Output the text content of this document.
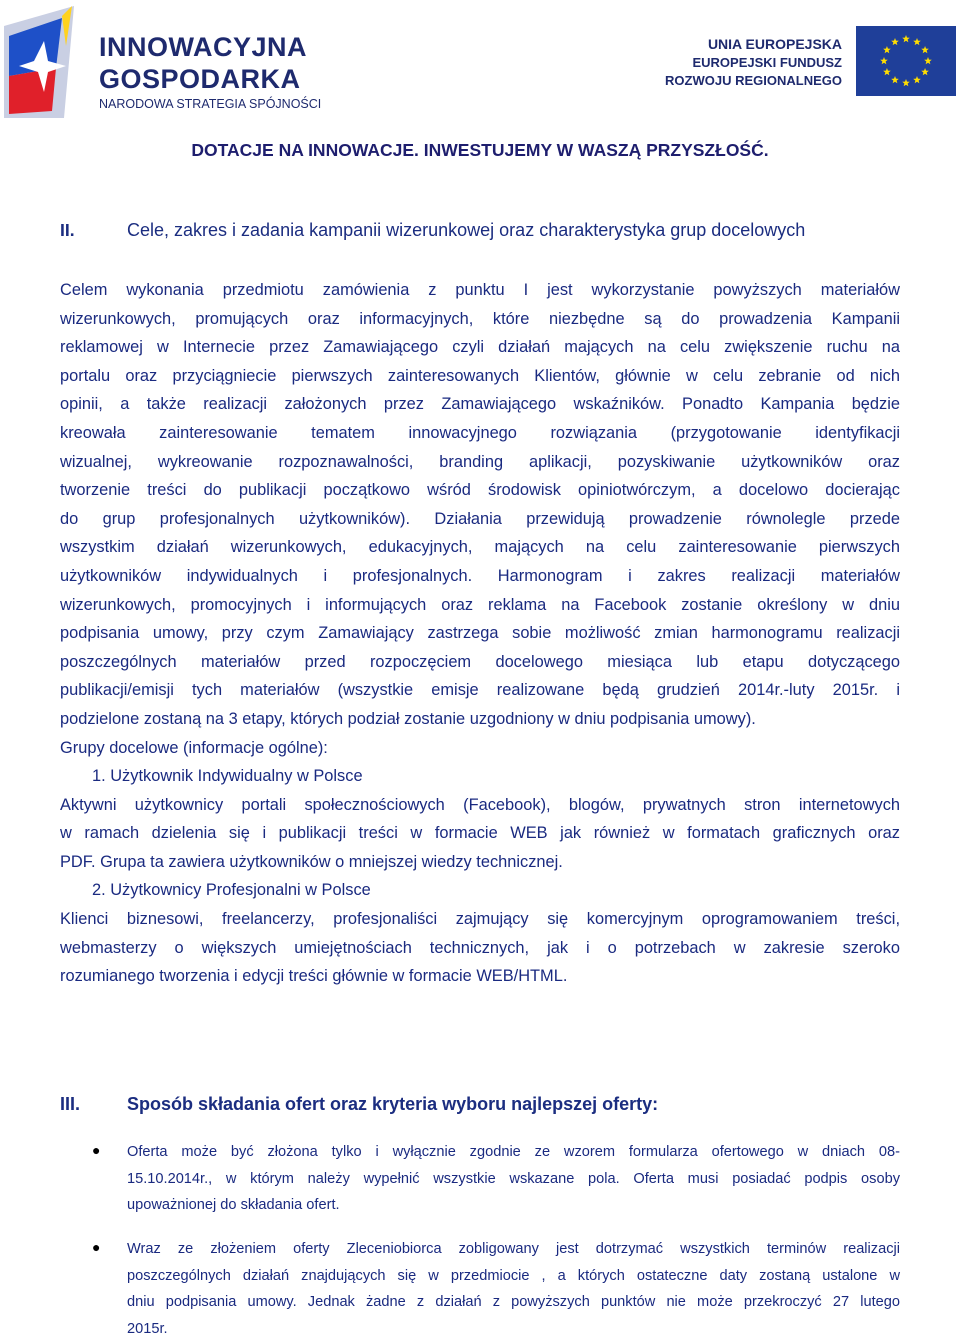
INNOWACYJNA
GOSPODARKA
NARODOWA STRATEGIA SPÓJNOŚCI
UNIA EUROPEJSKA
EUROPEJSKI FUNDUSZ
ROZWOJU REGIONALNEGO
DOTACJE NA INNOWACJE. INWESTUJEMY W WASZĄ PRZYSZŁOŚĆ.
II.	Cele, zakres i zadania kampanii wizerunkowej oraz charakterystyka grup docelowych
Celem wykonania przedmiotu zamówienia z punktu I jest wykorzystanie powyższych materiałów
wizerunkowych, promujących oraz informacyjnych, które niezbędne są do prowadzenia Kampanii
reklamowej w Internecie przez Zamawiającego czyli działań mających na celu zwiększenie ruchu na
portalu oraz przyciągniecie pierwszych zainteresowanych Klientów, głównie w celu zebranie od nich
opinii, a także realizacji założonych przez Zamawiającego wskaźników. Ponadto Kampania będzie
kreowała zainteresowanie tematem innowacyjnego rozwiązania (przygotowanie identyfikacji
wizualnej, wykreowanie rozpoznawalności, branding aplikacji, pozyskiwanie użytkowników oraz
tworzenie treści do publikacji początkowo wśród środowisk opiniotwórczym, a docelowo docierając
do grup profesjonalnych użytkowników). Działania przewidują prowadzenie równolegle przede
wszystkim działań wizerunkowych, edukacyjnych, mających na celu zainteresowanie pierwszych
użytkowników indywidualnych i profesjonalnych. Harmonogram i zakres realizacji materiałów
wizerunkowych, promocyjnych i informujących oraz reklama na Facebook zostanie określony w dniu
podpisania umowy, przy czym Zamawiający zastrzega sobie możliwość zmian harmonogramu realizacji
poszczególnych materiałów przed rozpoczęciem docelowego miesiąca lub etapu dotyczącego
publikacji/emisji tych materiałów (wszystkie emisje realizowane będą grudzień 2014r.-luty 2015r. i
podzielone zostaną na 3 etapy, których podział zostanie uzgodniony w dniu podpisania umowy).
Grupy docelowe (informacje ogólne):
1. Użytkownik Indywidualny w Polsce
Aktywni użytkownicy portali społecznościowych (Facebook), blogów, prywatnych stron internetowych
w ramach dzielenia się i publikacji treści w formacie WEB jak również w formatach graficznych oraz
PDF. Grupa ta zawiera użytkowników o mniejszej wiedzy technicznej.
2. Użytkownicy Profesjonalni w Polsce
Klienci biznesowi, freelancerzy, profesjonaliści zajmujący się komercyjnym oprogramowaniem treści,
webmasterzy o większych umiejętnościach technicznych, jak i o potrzebach w zakresie szeroko
rozumianego tworzenia i edycji treści głównie w formacie WEB/HTML.
III.	Sposób składania ofert oraz kryteria wyboru najlepszej oferty:
● Oferta może być złożona tylko i wyłącznie zgodnie ze wzorem formularza ofertowego w dniach 08-
15.10.2014r., w którym należy wypełnić wszystkie wskazane pola. Oferta musi posiadać podpis osoby
upoważnionej do składania ofert.
● Wraz ze złożeniem oferty Zleceniobiorca zobligowany jest dotrzymać wszystkich terminów realizacji
poszczególnych działań znajdujących się w przedmiocie , a których ostateczne daty zostaną ustalone w
dniu podpisania umowy. Jednak żadne z działań z powyższych punktów nie może przekroczyć 27 lutego
2015r.
